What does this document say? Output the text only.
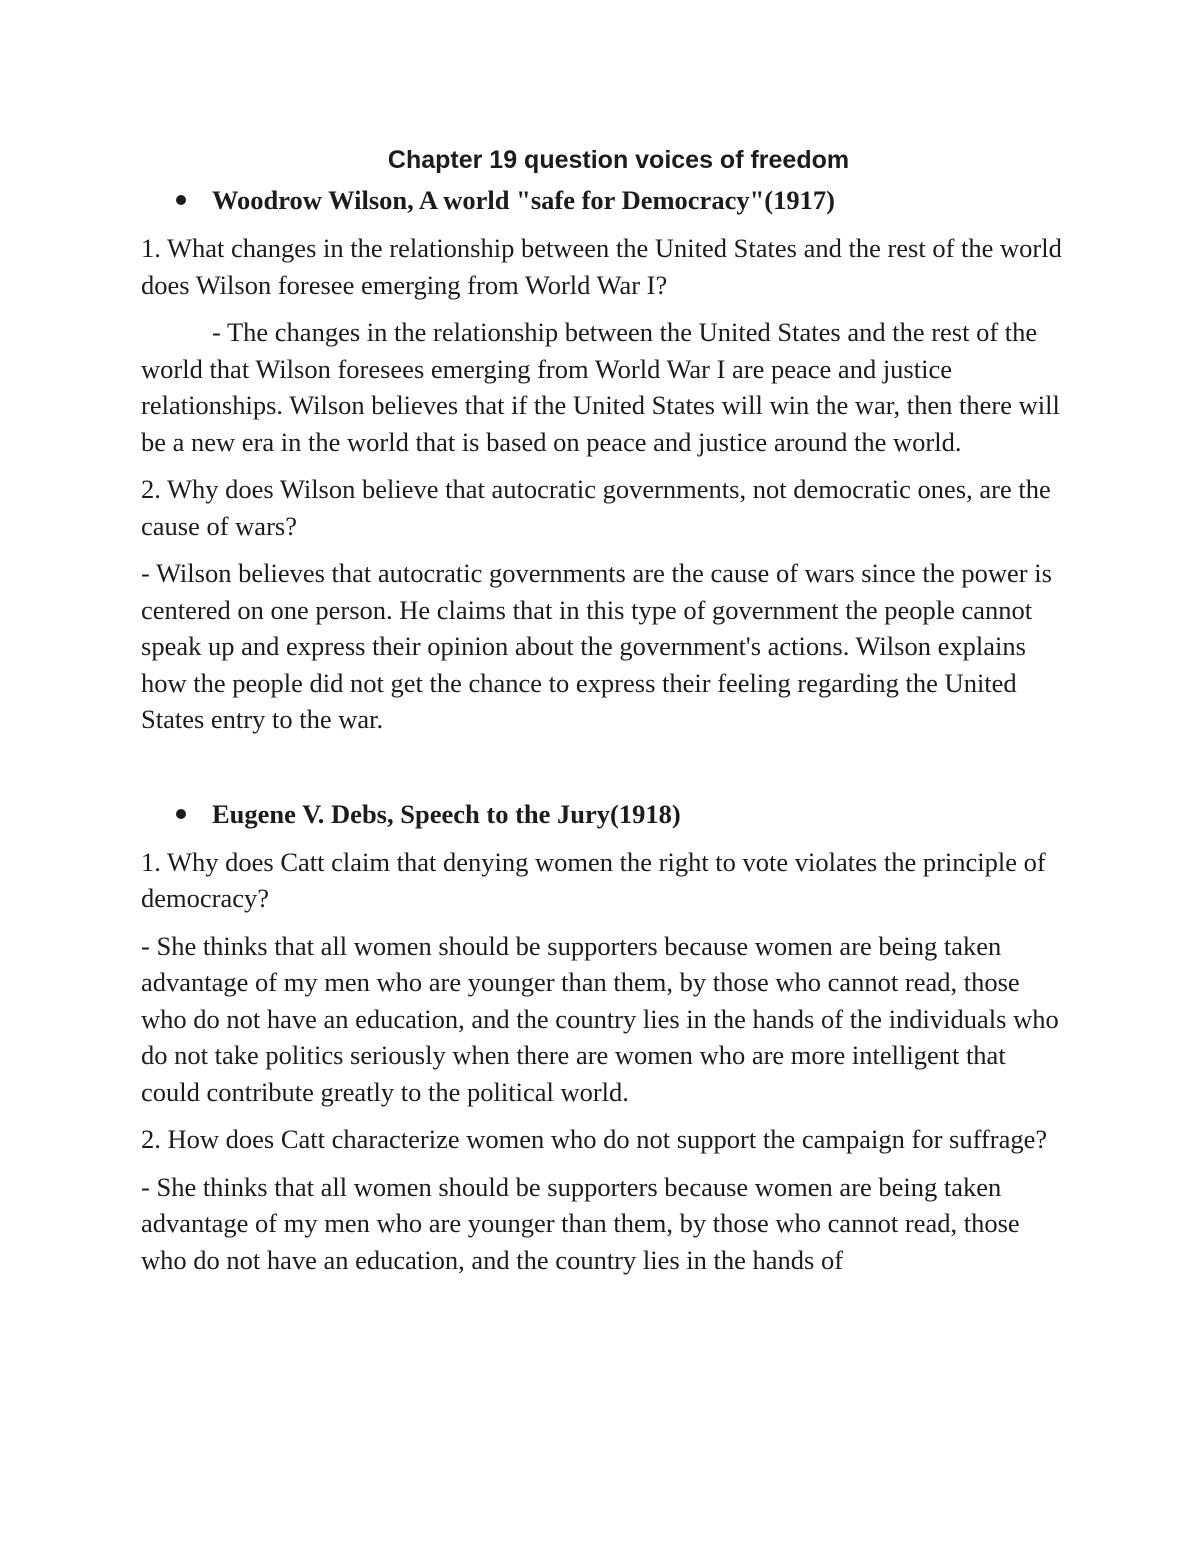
Chapter 19 question voices of freedom
Woodrow Wilson, A world "safe for Democracy"(1917)

1. What changes in the relationship between the United States and the rest of the world does Wilson foresee emerging from World War I?

- The changes in the relationship between the United States and the rest of the world that Wilson foresees emerging from World War I are peace and justice relationships. Wilson believes that if the United States will win the war, then there will be a new era in the world that is based on peace and justice around the world.

2. Why does Wilson believe that autocratic governments, not democratic ones, are the cause of wars?

- Wilson believes that autocratic governments are the cause of wars since the power is centered on one person. He claims that in this type of government the people cannot speak up and express their opinion about the government's actions. Wilson explains how the people did not get the chance to express their feeling regarding the United States entry to the war.

Eugene V. Debs, Speech to the Jury(1918)

1. Why does Catt claim that denying women the right to vote violates the principle of democracy?

- She thinks that all women should be supporters because women are being taken advantage of my men who are younger than them, by those who cannot read, those who do not have an education, and the country lies in the hands of the individuals who do not take politics seriously when there are women who are more intelligent that could contribute greatly to the political world.

2. How does Catt characterize women who do not support the campaign for suffrage?

- She thinks that all women should be supporters because women are being taken advantage of my men who are younger than them, by those who cannot read, those who do not have an education, and the country lies in the hands of
